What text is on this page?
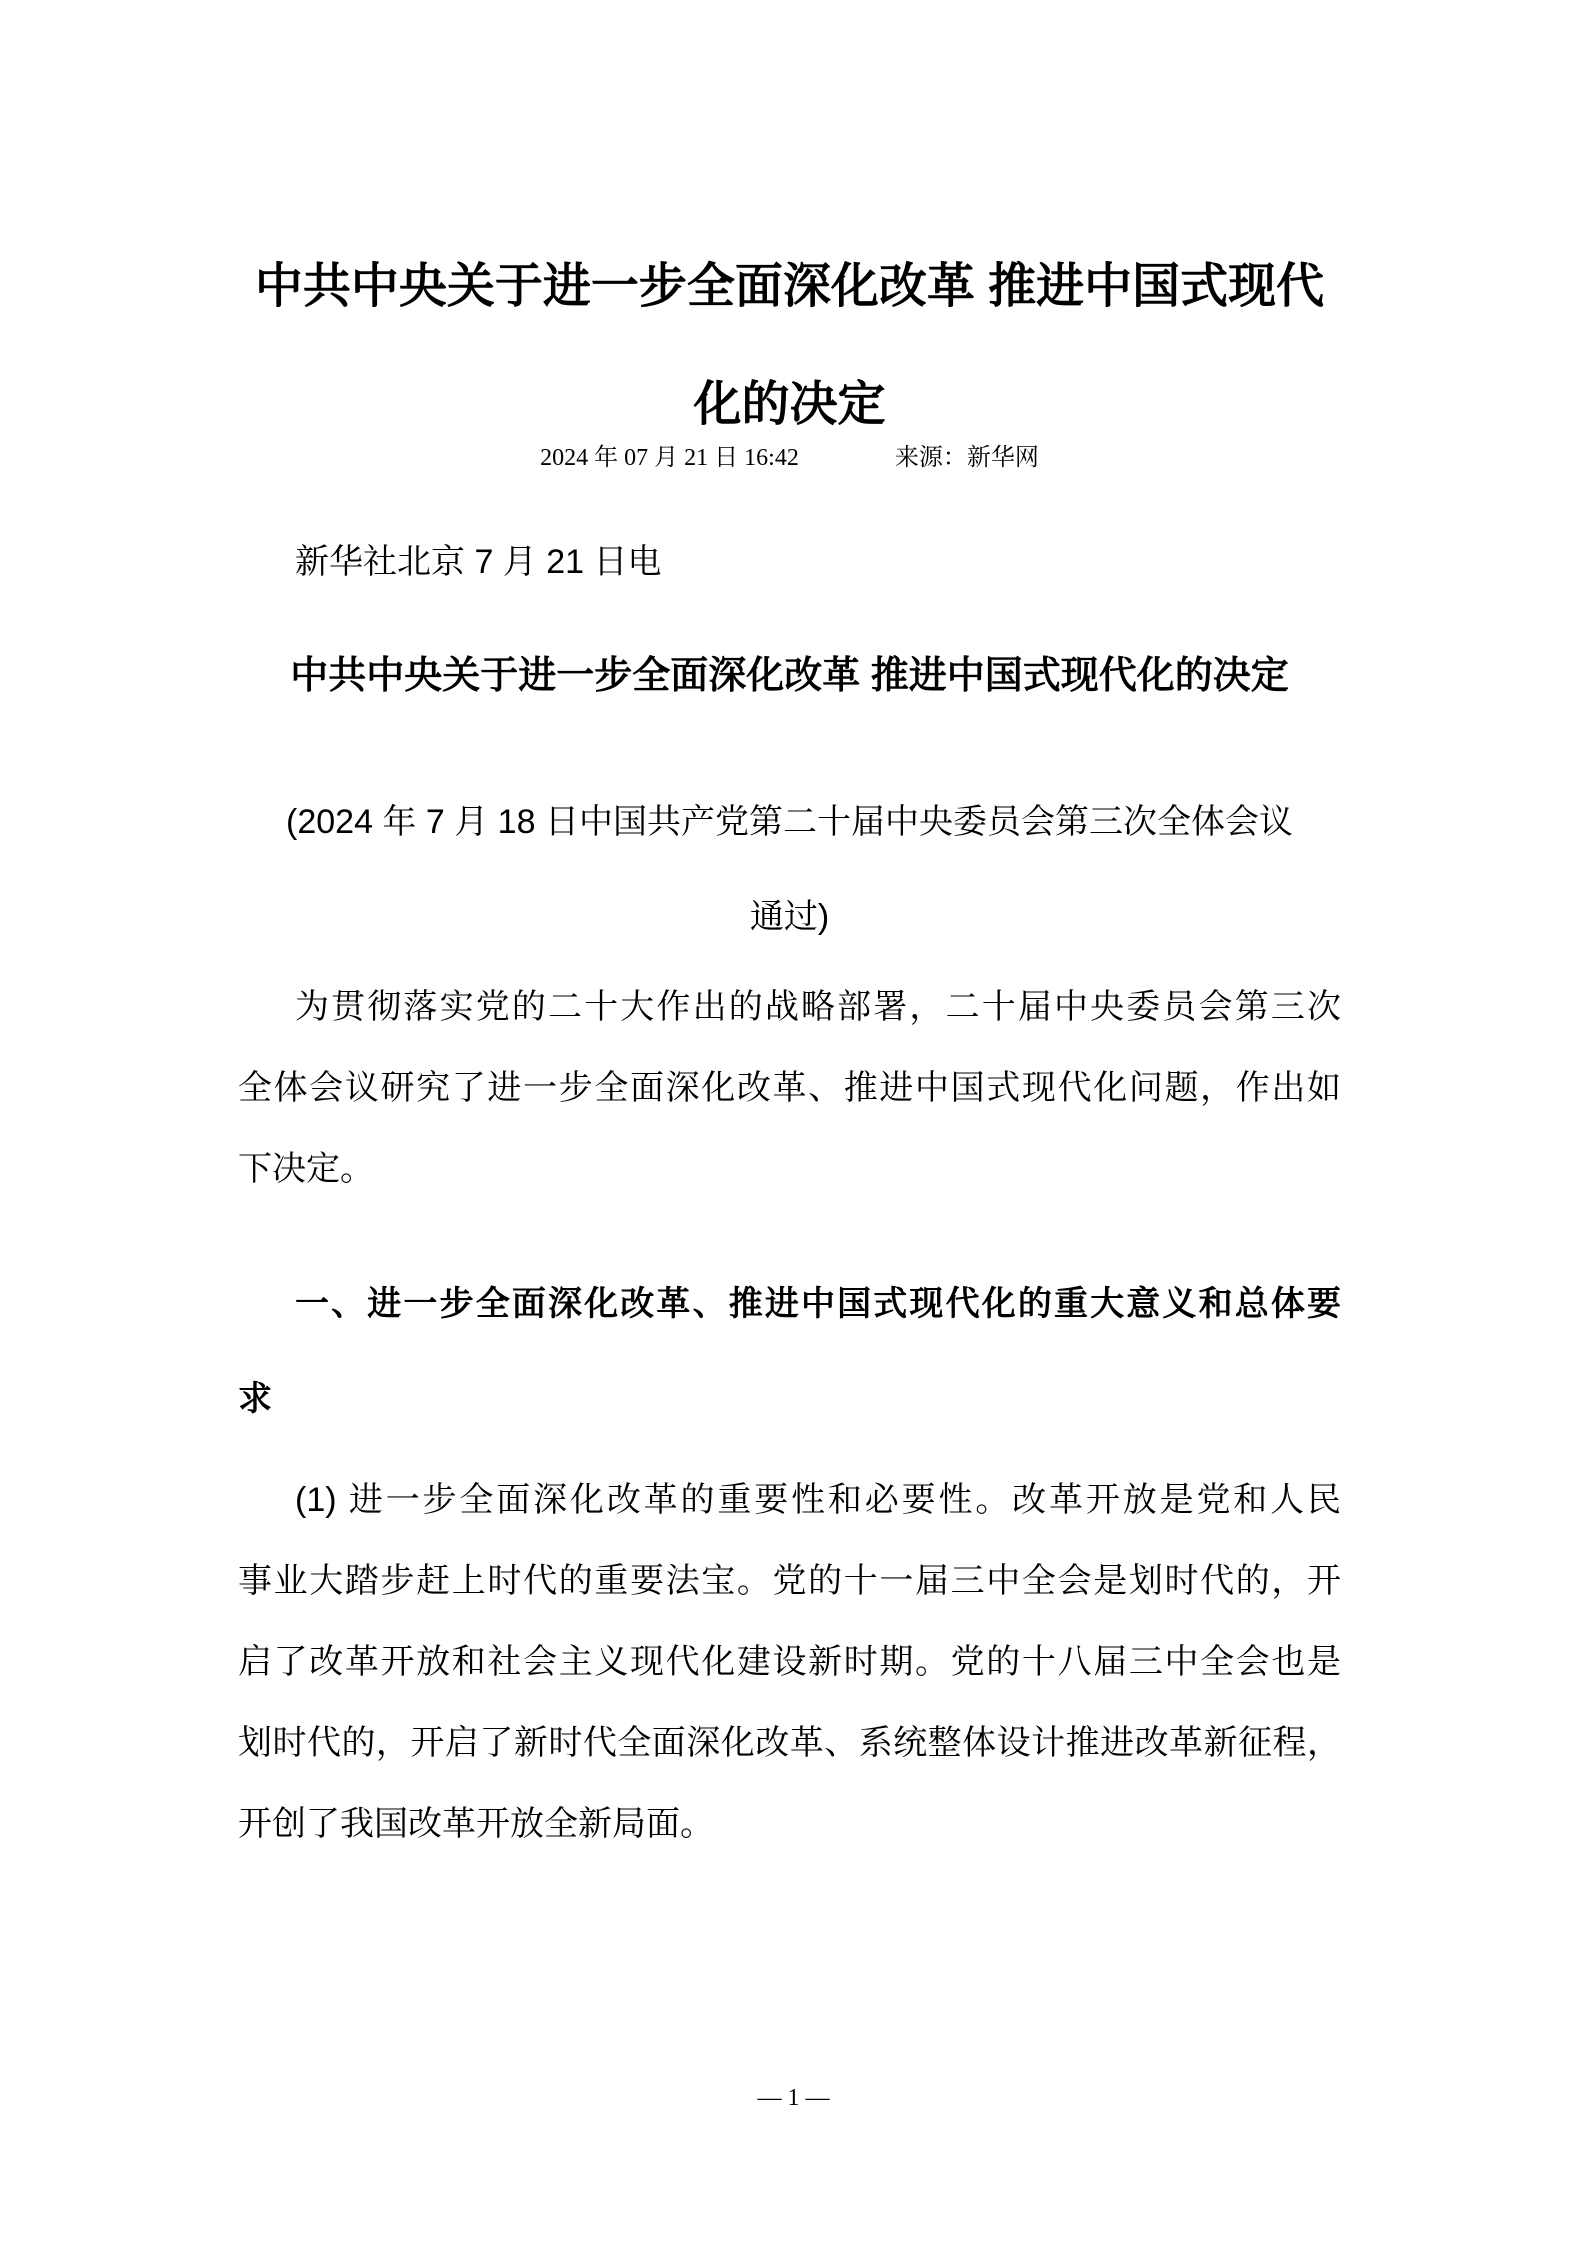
中共中央关于进一步全面深化改革 推进中国式现代
化的决定
2024 年 07 月 21 日 16:42	来源：新华网
新华社北京 7 月 21 日电
中共中央关于进一步全面深化改革 推进中国式现代化的决定
(2024 年 7 月 18 日中国共产党第二十届中央委员会第三次全体会议
通过)
为贯彻落实党的二十大作出的战略部署，二十届中央委员会第三次
全体会议研究了进一步全面深化改革、推进中国式现代化问题，作出如
下决定。
一、进一步全面深化改革、推进中国式现代化的重大意义和总体要
求
(1) 进一步全面深化改革的重要性和必要性。改革开放是党和人民
事业大踏步赶上时代的重要法宝。党的十一届三中全会是划时代的，开
启了改革开放和社会主义现代化建设新时期。党的十八届三中全会也是
划时代的，开启了新时代全面深化改革、系统整体设计推进改革新征程，
开创了我国改革开放全新局面。
— 1 —
